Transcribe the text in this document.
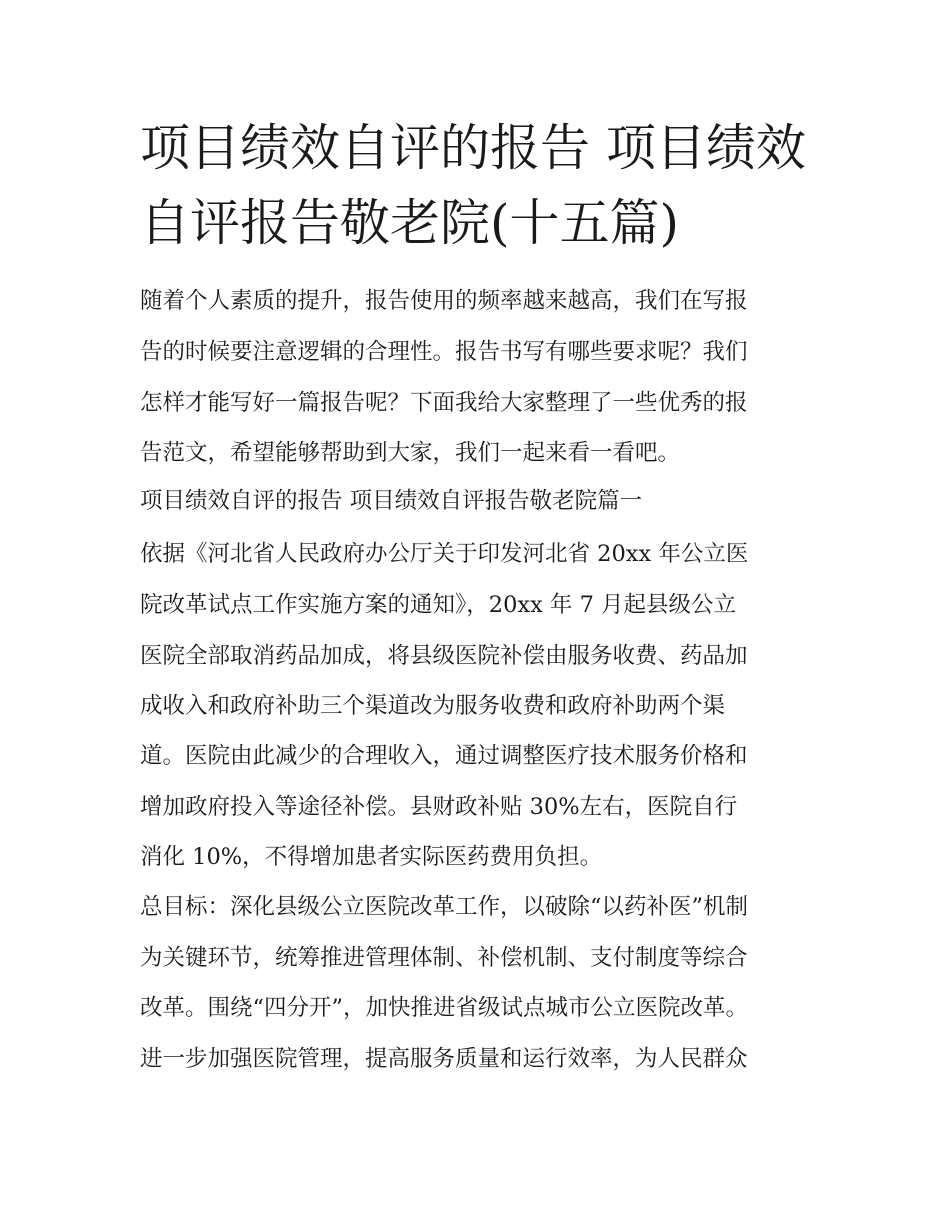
项目绩效自评的报告 项目绩效
自评报告敬老院(十五篇)
随着个人素质的提升，报告使用的频率越来越高，我们在写报
告的时候要注意逻辑的合理性。报告书写有哪些要求呢？我们
怎样才能写好一篇报告呢？下面我给大家整理了一些优秀的报
告范文，希望能够帮助到大家，我们一起来看一看吧。
项目绩效自评的报告 项目绩效自评报告敬老院篇一
依据《河北省人民政府办公厅关于印发河北省 20xx 年公立医
院改革试点工作实施方案的通知》，20xx 年 7 月起县级公立
医院全部取消药品加成，将县级医院补偿由服务收费、药品加
成收入和政府补助三个渠道改为服务收费和政府补助两个渠
道。医院由此减少的合理收入，通过调整医疗技术服务价格和
增加政府投入等途径补偿。县财政补贴 30%左右，医院自行
消化 10%，不得增加患者实际医药费用负担。
总目标：深化县级公立医院改革工作，以破除“以药补医”机制
为关键环节，统筹推进管理体制、补偿机制、支付制度等综合
改革。围绕“四分开”，加快推进省级试点城市公立医院改革。
进一步加强医院管理，提高服务质量和运行效率，为人民群众
